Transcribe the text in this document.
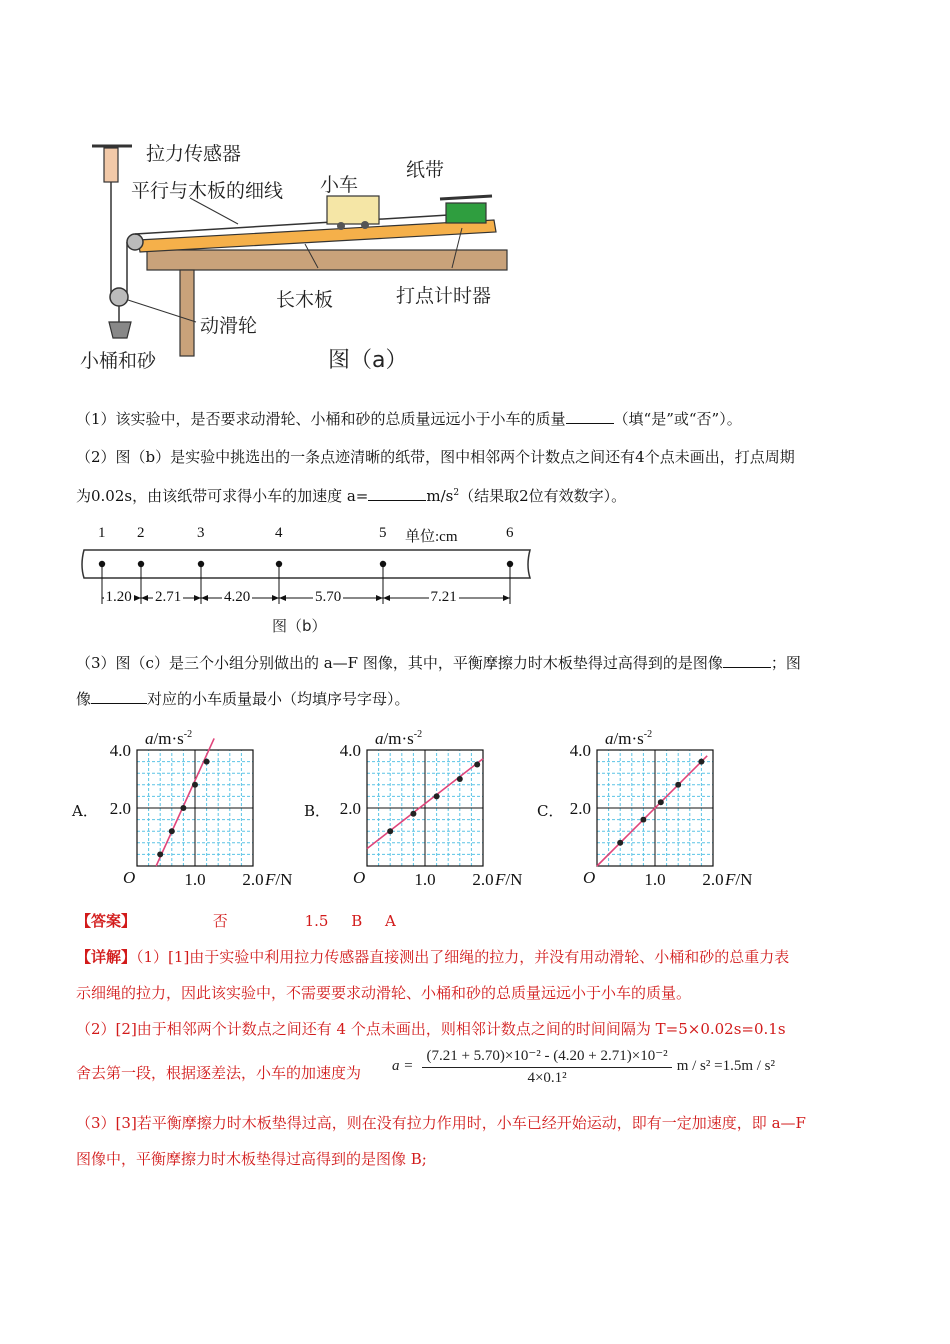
拉力传感器
平行与木板的细线 小车
纸带
长木板	打点计时器
动滑轮
小桶和砂	图（a）
（1）该实验中，是否要求动滑轮、小桶和砂的总质量远远小于小车的质量	（填“是”或“否”）。
（2）图（b）是实验中挑选出的一条点迹清晰的纸带，图中相邻两个计数点之间还有4个点未画出，打点周期
为0.02s，由该纸带可求得小车的加速度 a=	$m/s^2$（结果取2位有效数字）。
1 2	3	4	5	6
1.20 2.71	4.20	5.70	7.21
单位:cm
图（b）
（3）图（c）是三个小组分别做出的 a—F 图像，其中，平衡摩擦力时木板垫得过高得到的是图像	；图
像	对应的小车质量最小（均填序号字母）。
4.0
2.0
1.0 2.0
O	F/N
$a/m\cdot s^{-2}$
A．
4.0
2.0
1.0 2.0
O	F/N
$a/m\cdot s^{-2}$
B．
4.0
2.0
1.0 2.0
O	F/N
$a/m\cdot s^{-2}$
C．
【答案】	否	1.5 B A
【详解】（1）[1]由于实验中利用拉力传感器直接测出了细绳的拉力，并没有用动滑轮、小桶和砂的总重力表
示细绳的拉力，因此该实验中，不需要要求动滑轮、小桶和砂的总质量远远小于小车的质量。
（2）[2]由于相邻两个计数点之间还有 4 个点未画出，则相邻计数点之间的时间间隔为 T=5×0.02s=0.1s
舍去第一段，根据逐差法，小车的加速度为 $a = \frac{\text{(7.21 + 5.70)×10⁻² - (4.20 + 2.71)×10⁻²}}{\text{4×0.1²}}$ m / s² =1.5m / s²
（3）[3]若平衡摩擦力时木板垫得过高，则在没有拉力作用时，小车已经开始运动，即有一定加速度，即 a—F
图像中，平衡摩擦力时木板垫得过高得到的是图像 B;
